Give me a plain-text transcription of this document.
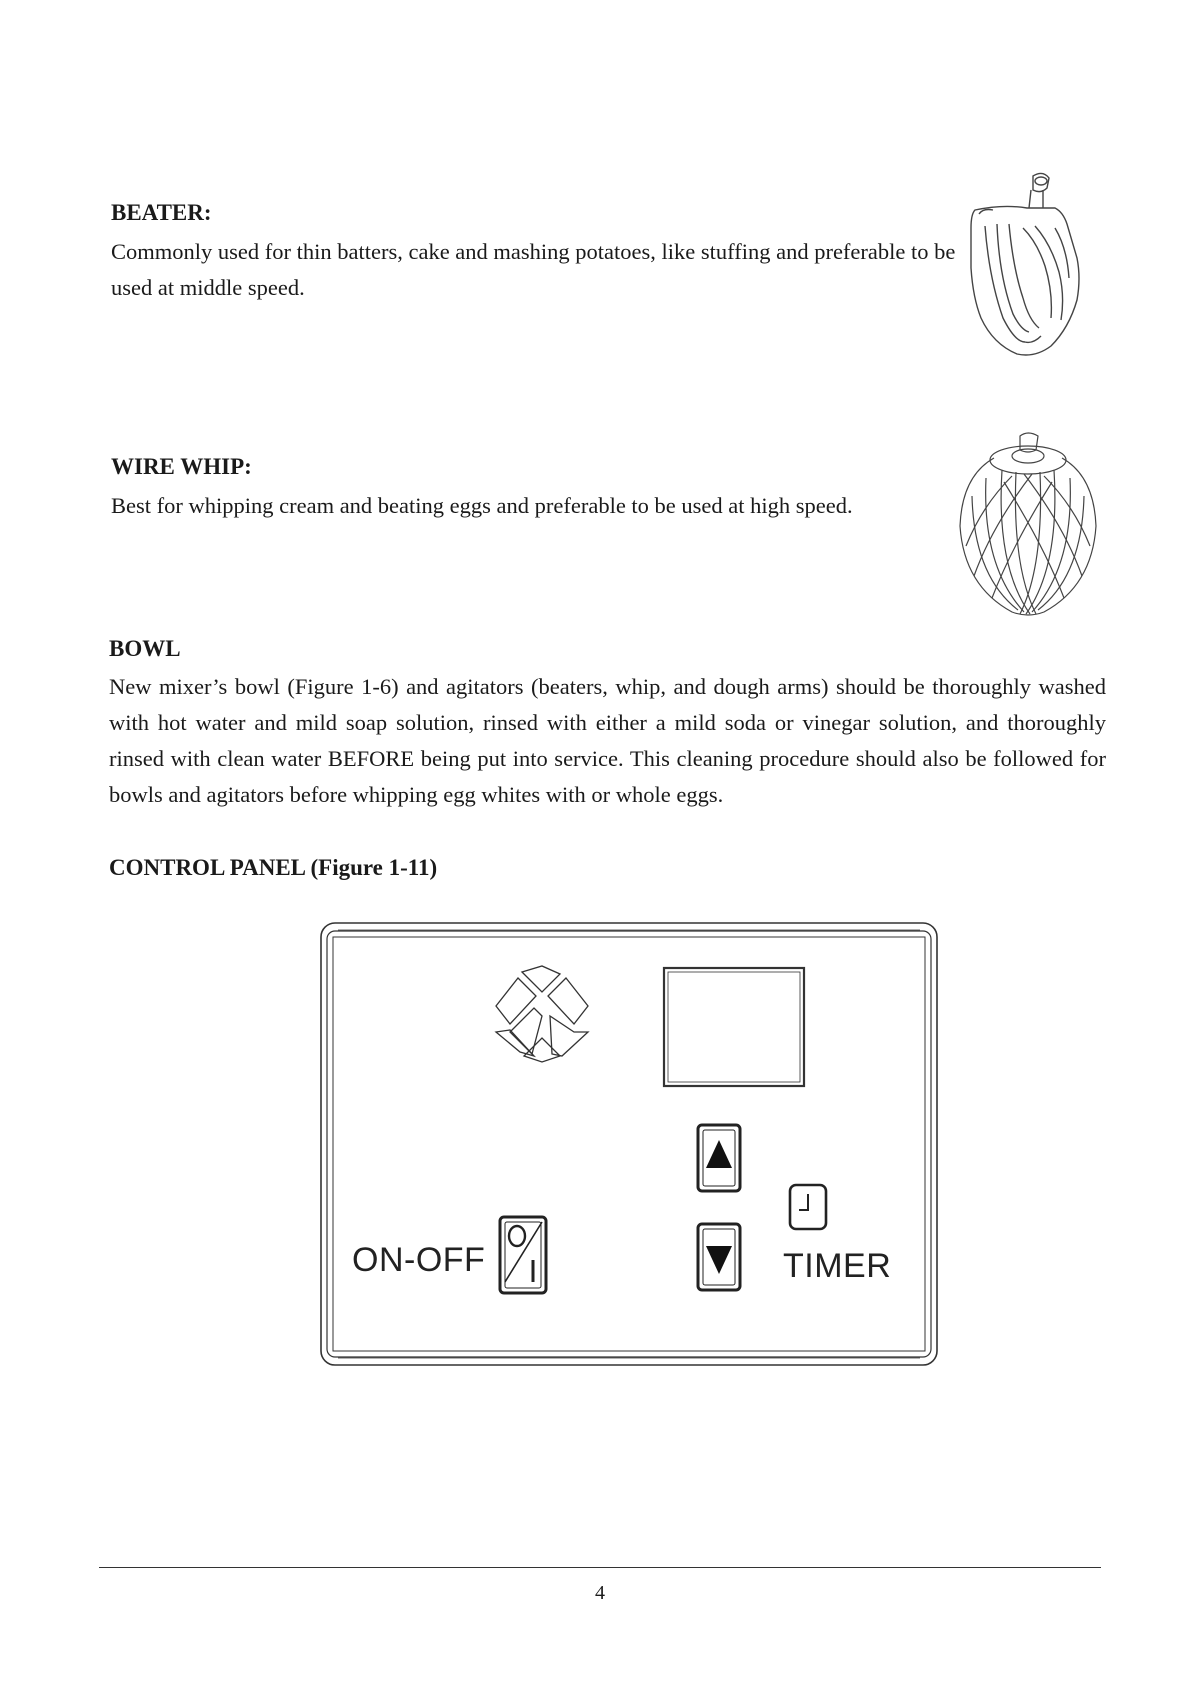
BEATER:
Commonly used for thin batters, cake and mashing potatoes, like stuffing and preferable to be used at middle speed.
WIRE WHIP:
Best for whipping cream and beating eggs and preferable to be used at high speed.
BOWL
New mixer’s bowl (Figure 1-6) and agitators (beaters, whip, and dough arms) should be thoroughly washed with hot water and mild soap solution, rinsed with either a mild soda or vinegar solution, and thoroughly rinsed with clean water BEFORE being put into service. This cleaning procedure should also be followed for bowls and agitators before whipping egg whites with or whole eggs.
CONTROL PANEL (Figure 1-11)
ON-OFF	TIMER
4
